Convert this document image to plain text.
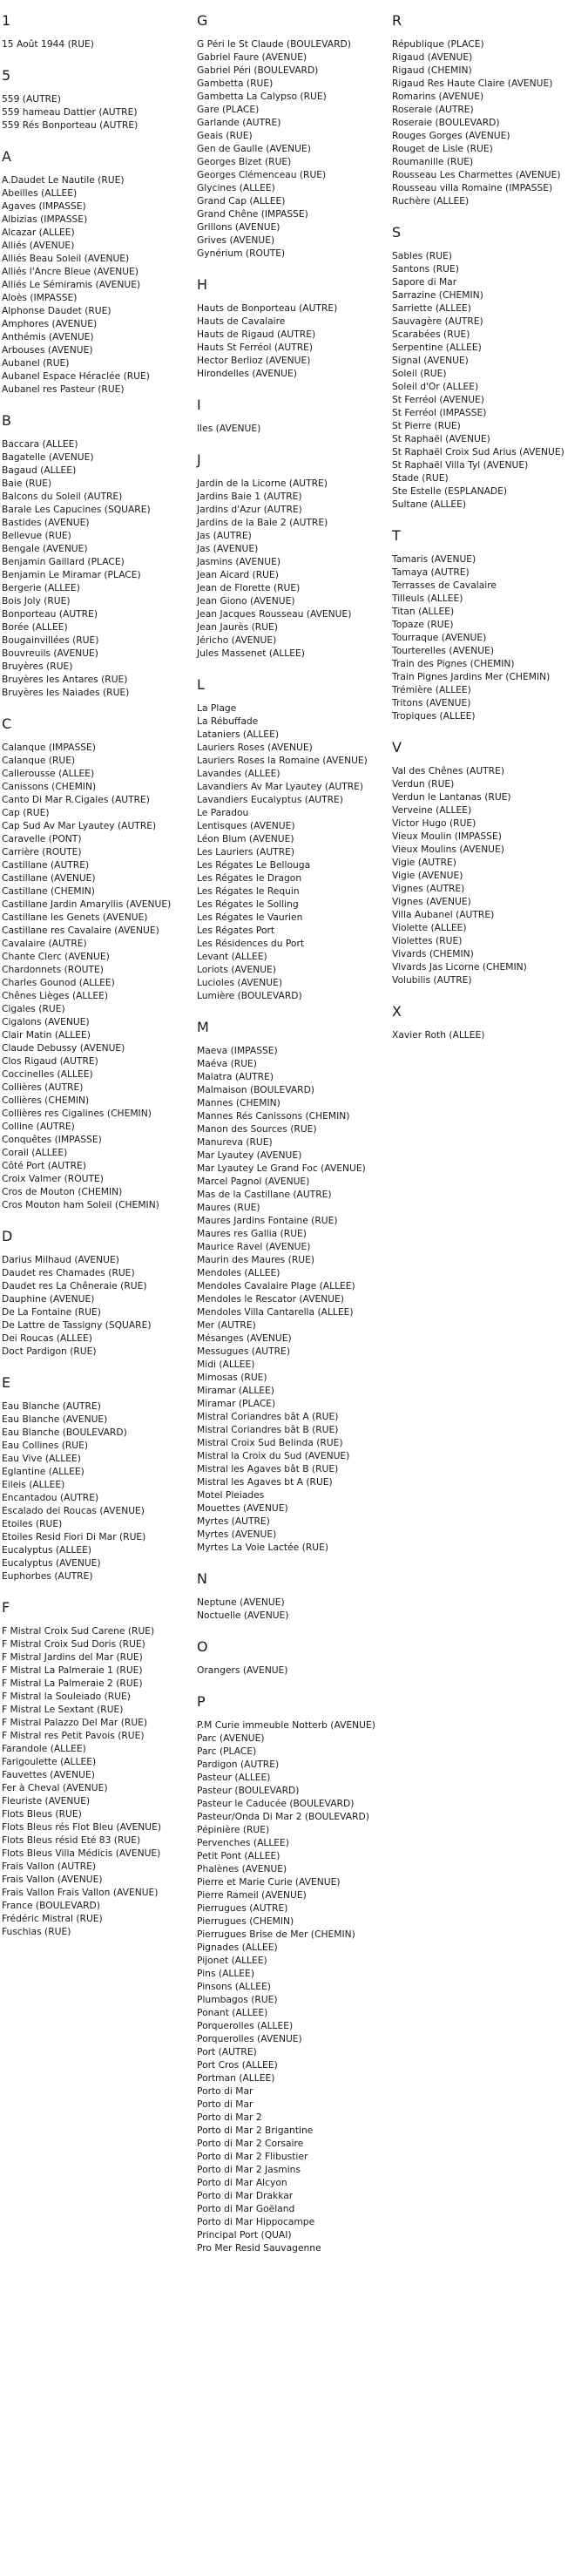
1
15 Août 1944 (RUE)
5
559 (AUTRE)
559 hameau Dattier (AUTRE)
559 Rés Bonporteau (AUTRE)
A
A.Daudet Le Nautile (RUE)
Abeilles (ALLEE)
Agaves (IMPASSE)
Albizias (IMPASSE)
Alcazar (ALLEE)
Alliés (AVENUE)
Alliés Beau Soleil (AVENUE)
Alliés l'Ancre Bleue (AVENUE)
Alliés Le Sémiramis (AVENUE)
Aloès (IMPASSE)
Alphonse Daudet (RUE)
Amphores (AVENUE)
Anthémis (AVENUE)
Arbouses (AVENUE)
Aubanel (RUE)
Aubanel Espace Héraclée (RUE)
Aubanel res Pasteur (RUE)
B
Baccara (ALLEE)
Bagatelle (AVENUE)
Bagaud (ALLEE)
Baie (RUE)
Balcons du Soleil (AUTRE)
Barale Les Capucines (SQUARE)
Bastides (AVENUE)
Bellevue (RUE)
Bengale (AVENUE)
Benjamin Gaillard (PLACE)
Benjamin Le Miramar (PLACE)
Bergerie (ALLEE)
Bois Joly (RUE)
Bonporteau (AUTRE)
Borée (ALLEE)
Bougainvillées (RUE)
Bouvreuils (AVENUE)
Bruyères (RUE)
Bruyères les Antares (RUE)
Bruyères les Naiades (RUE)
C
Calanque (IMPASSE)
Calanque (RUE)
Callerousse (ALLEE)
Canissons (CHEMIN)
Canto Di Mar R.Cigales (AUTRE)
Cap (RUE)
Cap Sud Av Mar Lyautey (AUTRE)
Caravelle (PONT)
Carrière (ROUTE)
Castillane (AUTRE)
Castillane (AVENUE)
Castillane (CHEMIN)
Castillane Jardin Amaryllis (AVENUE)
Castillane les Genets (AVENUE)
Castillane res Cavalaire (AVENUE)
Cavalaire (AUTRE)
Chante Clerc (AVENUE)
Chardonnets (ROUTE)
Charles Gounod (ALLEE)
Chênes Lièges (ALLEE)
Cigales (RUE)
Cigalons (AVENUE)
Clair Matin (ALLEE)
Claude Debussy (AVENUE)
Clos Rigaud (AUTRE)
Coccinelles (ALLEE)
Collières (AUTRE)
Collières (CHEMIN)
Collières res Cigalines (CHEMIN)
Colline (AUTRE)
Conquêtes (IMPASSE)
Corail (ALLEE)
Côté Port (AUTRE)
Croix Valmer (ROUTE)
Cros de Mouton (CHEMIN)
Cros Mouton ham Soleil (CHEMIN)
D
Darius Milhaud (AVENUE)
Daudet res Chamades (RUE)
Daudet res La Chêneraie (RUE)
Dauphine (AVENUE)
De La Fontaine (RUE)
De Lattre de Tassigny (SQUARE)
Dei Roucas (ALLEE)
Doct Pardigon (RUE)
E
Eau Blanche (AUTRE)
Eau Blanche (AVENUE)
Eau Blanche (BOULEVARD)
Eau Collines (RUE)
Eau Vive (ALLEE)
Eglantine (ALLEE)
Eileis (ALLEE)
Encantadou (AUTRE)
Escalado dei Roucas (AVENUE)
Etoiles (RUE)
Etoiles Resid Fiori Di Mar (RUE)
Eucalyptus (ALLEE)
Eucalyptus (AVENUE)
Euphorbes (AUTRE)
F
F Mistral Croix Sud Carene (RUE)
F Mistral Croix Sud Doris (RUE)
F Mistral Jardins del Mar (RUE)
F Mistral La Palmeraie 1 (RUE)
F Mistral La Palmeraie 2 (RUE)
F Mistral la Souleiado (RUE)
F Mistral Le Sextant (RUE)
F Mistral Palazzo Del Mar (RUE)
F Mistral res Petit Pavois (RUE)
Farandole (ALLEE)
Farigoulette (ALLEE)
Fauvettes (AVENUE)
Fer à Cheval (AVENUE)
Fleuriste (AVENUE)
Flots Bleus (RUE)
Flots Bleus rés Flot Bleu (AVENUE)
Flots Bleus résid Eté 83 (RUE)
Flots Bleus Villa Médicis (AVENUE)
Frais Vallon (AUTRE)
Frais Vallon (AVENUE)
Frais Vallon Frais Vallon (AVENUE)
France (BOULEVARD)
Frédéric Mistral (RUE)
Fuschias (RUE)
G
G Péri le St Claude (BOULEVARD)
Gabriel Faure (AVENUE)
Gabriel Péri (BOULEVARD)
Gambetta (RUE)
Gambetta La Calypso (RUE)
Gare (PLACE)
Garlande (AUTRE)
Geais (RUE)
Gen de Gaulle (AVENUE)
Georges Bizet (RUE)
Georges Clémenceau (RUE)
Glycines (ALLEE)
Grand Cap (ALLEE)
Grand Chêne (IMPASSE)
Grillons (AVENUE)
Grives (AVENUE)
Gynérium (ROUTE)
H
Hauts de Bonporteau (AUTRE)
Hauts de Cavalaire
Hauts de Rigaud (AUTRE)
Hauts St Ferréol (AUTRE)
Hector Berlioz (AVENUE)
Hirondelles (AVENUE)
I
Iles (AVENUE)
J
Jardin de la Licorne (AUTRE)
Jardins Baie 1 (AUTRE)
Jardins d'Azur (AUTRE)
Jardins de la Baie 2 (AUTRE)
Jas (AUTRE)
Jas (AVENUE)
Jasmins (AVENUE)
Jean Aicard (RUE)
Jean de Florette (RUE)
Jean Giono (AVENUE)
Jean Jacques Rousseau (AVENUE)
Jean Jaurès (RUE)
Jéricho (AVENUE)
Jules Massenet (ALLEE)
L
La Plage
La Rébuffade
Lataniers (ALLEE)
Lauriers Roses (AVENUE)
Lauriers Roses la Romaine (AVENUE)
Lavandes (ALLEE)
Lavandiers Av Mar Lyautey (AUTRE)
Lavandiers Eucalyptus (AUTRE)
Le Paradou
Lentisques (AVENUE)
Léon Blum (AVENUE)
Les Lauriers (AUTRE)
Les Régates Le Bellouga
Les Régates le Dragon
Les Régates le Requin
Les Régates le Solling
Les Régates le Vaurien
Les Régates Port
Les Résidences du Port
Levant (ALLEE)
Loriots (AVENUE)
Lucioles (AVENUE)
Lumière (BOULEVARD)
M
Maeva (IMPASSE)
Maéva (RUE)
Malatra (AUTRE)
Malmaison (BOULEVARD)
Mannes (CHEMIN)
Mannes Rés Canissons (CHEMIN)
Manon des Sources (RUE)
Manureva (RUE)
Mar Lyautey (AVENUE)
Mar Lyautey Le Grand Foc (AVENUE)
Marcel Pagnol (AVENUE)
Mas de la Castillane (AUTRE)
Maures (RUE)
Maures Jardins Fontaine (RUE)
Maures res Gallia (RUE)
Maurice Ravel (AVENUE)
Maurin des Maures (RUE)
Mendoles (ALLEE)
Mendoles Cavalaire Plage (ALLEE)
Mendoles le Rescator (AVENUE)
Mendoles Villa Cantarella (ALLEE)
Mer (AUTRE)
Mésanges (AVENUE)
Messugues (AUTRE)
Midi (ALLEE)
Mimosas (RUE)
Miramar (ALLEE)
Miramar (PLACE)
Mistral Coriandres bât A (RUE)
Mistral Coriandres bât B (RUE)
Mistral Croix Sud Belinda (RUE)
Mistral la Croix du Sud (AVENUE)
Mistral les Agaves bât B (RUE)
Mistral les Agaves bt A (RUE)
Motel Pleiades
Mouettes (AVENUE)
Myrtes (AUTRE)
Myrtes (AVENUE)
Myrtes La Voie Lactée (RUE)
N
Neptune (AVENUE)
Noctuelle (AVENUE)
O
Orangers (AVENUE)
P
P.M Curie immeuble Notterb (AVENUE)
Parc (AVENUE)
Parc (PLACE)
Pardigon (AUTRE)
Pasteur (ALLEE)
Pasteur (BOULEVARD)
Pasteur le Caducée (BOULEVARD)
Pasteur/Onda Di Mar 2 (BOULEVARD)
Pépinière (RUE)
Pervenches (ALLEE)
Petit Pont (ALLEE)
Phalènes (AVENUE)
Pierre et Marie Curie (AVENUE)
Pierre Rameil (AVENUE)
Pierrugues (AUTRE)
Pierrugues (CHEMIN)
Pierrugues Brise de Mer (CHEMIN)
Pignades (ALLEE)
Pijonet (ALLEE)
Pins (ALLEE)
Pinsons (ALLEE)
Plumbagos (RUE)
Ponant (ALLEE)
Porquerolles (ALLEE)
Porquerolles (AVENUE)
Port (AUTRE)
Port Cros (ALLEE)
Portman (ALLEE)
Porto di Mar
Porto di Mar
Porto di Mar 2
Porto di Mar 2 Brigantine
Porto di Mar 2 Corsaire
Porto di Mar 2 Flibustier
Porto di Mar 2 Jasmins
Porto di Mar Alcyon
Porto di Mar Drakkar
Porto di Mar Goëland
Porto di Mar Hippocampe
Principal Port (QUAI)
Pro Mer Resid Sauvagenne
R
République (PLACE)
Rigaud (AVENUE)
Rigaud (CHEMIN)
Rigaud Res Haute Claire (AVENUE)
Romarins (AVENUE)
Roseraie (AUTRE)
Roseraie (BOULEVARD)
Rouges Gorges (AVENUE)
Rouget de Lisle (RUE)
Roumanille (RUE)
Rousseau Les Charmettes (AVENUE)
Rousseau villa Romaine (IMPASSE)
Ruchère (ALLEE)
S
Sables (RUE)
Santons (RUE)
Sapore di Mar
Sarrazine (CHEMIN)
Sarriette (ALLEE)
Sauvagère (AUTRE)
Scarabées (RUE)
Serpentine (ALLEE)
Signal (AVENUE)
Soleil (RUE)
Soleil d'Or (ALLEE)
St Ferréol (AVENUE)
St Ferréol (IMPASSE)
St Pierre (RUE)
St Raphaël (AVENUE)
St Raphaël Croix Sud Arius (AVENUE)
St Raphaël Villa Tyl (AVENUE)
Stade (RUE)
Ste Estelle (ESPLANADE)
Sultane (ALLEE)
T
Tamaris (AVENUE)
Tamaya (AUTRE)
Terrasses de Cavalaire
Tilleuls (ALLEE)
Titan (ALLEE)
Topaze (RUE)
Tourraque (AVENUE)
Tourterelles (AVENUE)
Train des Pignes (CHEMIN)
Train Pignes Jardins Mer (CHEMIN)
Trémière (ALLEE)
Tritons (AVENUE)
Tropiques (ALLEE)
V
Val des Chênes (AUTRE)
Verdun (RUE)
Verdun le Lantanas (RUE)
Verveine (ALLEE)
Victor Hugo (RUE)
Vieux Moulin (IMPASSE)
Vieux Moulins (AVENUE)
Vigie (AUTRE)
Vigie (AVENUE)
Vignes (AUTRE)
Vignes (AVENUE)
Villa Aubanel (AUTRE)
Violette (ALLEE)
Violettes (RUE)
Vivards (CHEMIN)
Vivards Jas Licorne (CHEMIN)
Volubilis (AUTRE)
X
Xavier Roth (ALLEE)
